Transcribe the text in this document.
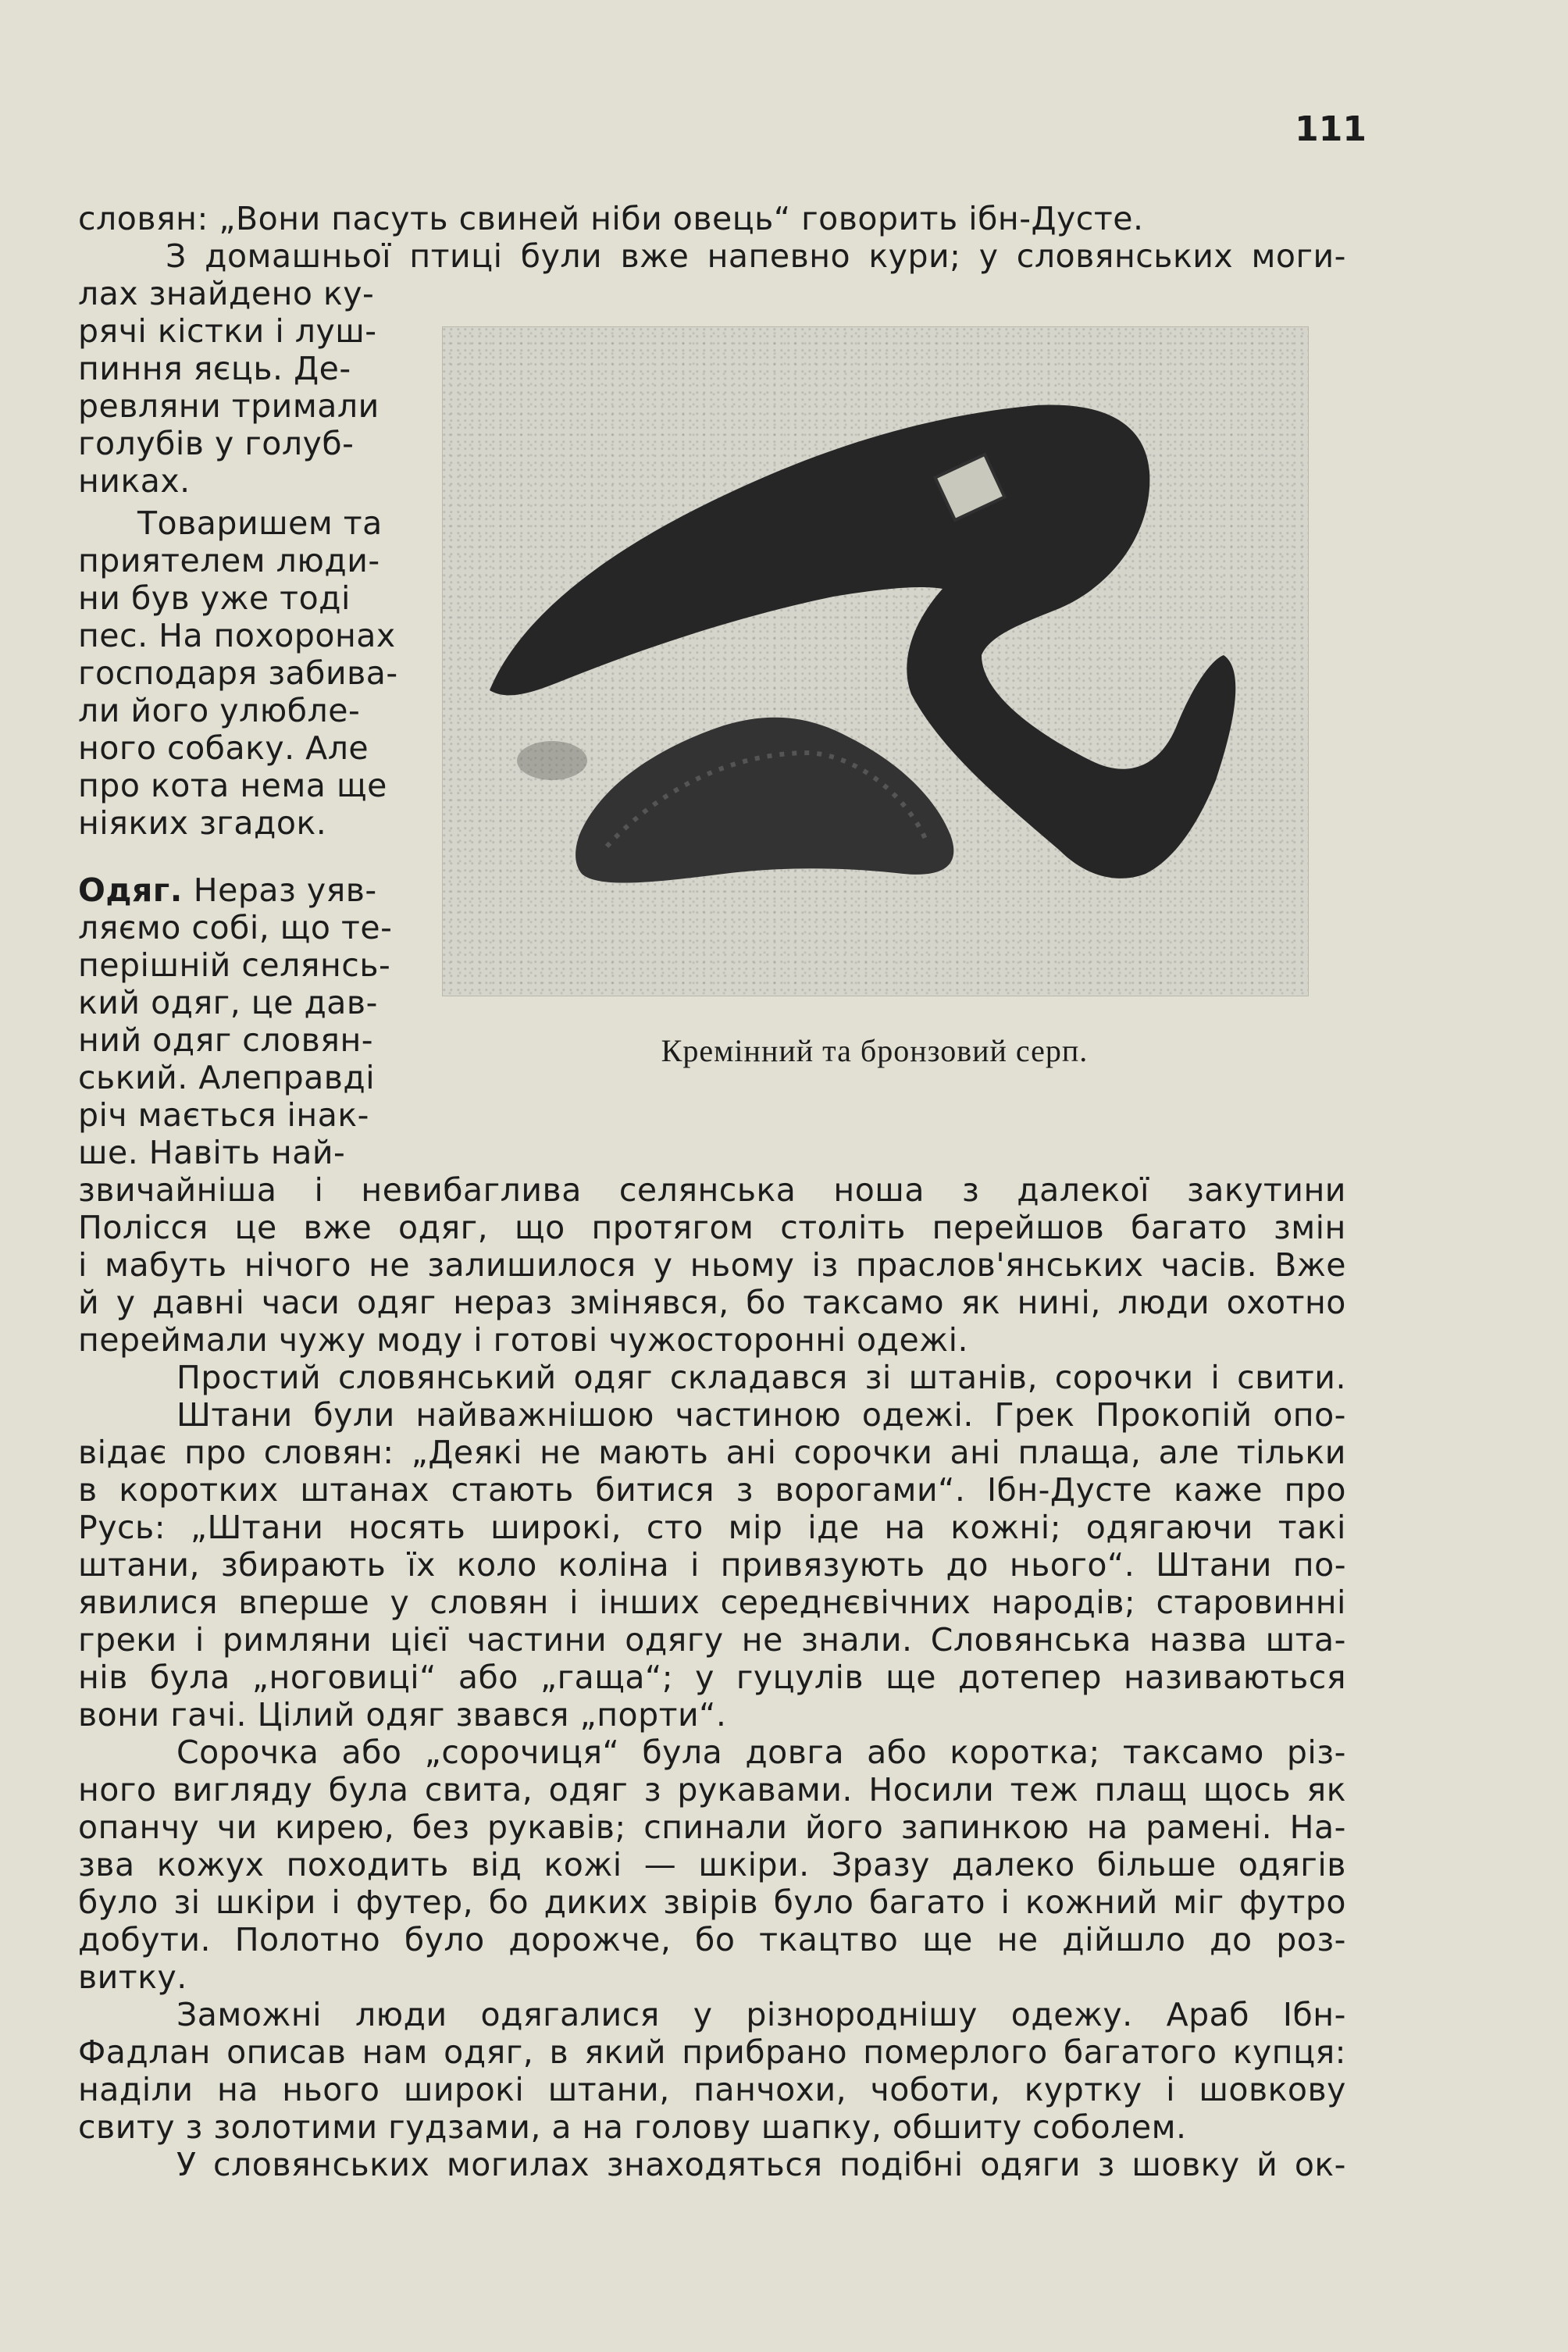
111
Кремінний та бронзовий серп.
словян: „Вони пасуть свиней ніби овець“ говорить ібн-Дусте.
З домашньої птиці були вже напевно кури; у словянських моги-
лах знайдено ку-
рячі кістки і луш-
пиння яєць. Де-
ревляни тримали
голубів у голуб-
никах.
Товаришем та
приятелем люди-
ни був уже тоді
пес. На похоронах
господаря забива-
ли його улюбле-
ного собаку. Але
про кота нема ще
ніяких згадок.
Одяг. Нераз уяв-
ляємо собі, що те-
перішній селянсь-
кий одяг, це дав-
ний одяг словян-
ський. Алеправді
річ мається інак-
ше. Навіть най-
звичайніша і невибаглива селянська ноша з далекої закутини
Полісся це вже одяг, що протягом століть перейшов багато змін
і мабуть нічого не залишилося у ньому із праслов'янських часів. Вже
й у давні часи одяг нераз змінявся, бо таксамо як нині, люди охотно
переймали чужу моду і готові чужосторонні одежі.
Простий словянський одяг складався зі штанів, сорочки і свити.
Штани були найважнішою частиною одежі. Грек Прокопій опо-
відає про словян: „Деякі не мають ані сорочки ані плаща, але тільки
в коротких штанах стають битися з ворогами“. Ібн-Дусте каже про
Русь: „Штани носять широкі, сто мір іде на кожні; одягаючи такі
штани, збирають їх коло коліна і привязують до нього“. Штани по-
явилися вперше у словян і інших середнєвічних народів; старовинні
греки і римляни цієї частини одягу не знали. Словянська назва шта-
нів була „ноговиці“ або „гаща“; у гуцулів ще дотепер називаються
вони гачі. Цілий одяг звався „порти“.
Сорочка або „сорочиця“ була довга або коротка; таксамо різ-
ного вигляду була свита, одяг з рукавами. Носили теж плащ щось як
опанчу чи кирею, без рукавів; спинали його запинкою на рамені. На-
зва кожух походить від кожі — шкіри. Зразу далеко більше одягів
було зі шкіри і футер, бо диких звірів було багато і кожний міг футро
добути. Полотно було дорожче, бо ткацтво ще не дійшло до роз-
витку.
Заможні люди одягалися у різнороднішу одежу. Араб Ібн-
Фадлан описав нам одяг, в який прибрано померлого багатого купця:
наділи на нього широкі штани, панчохи, чоботи, куртку і шовкову
свиту з золотими гудзами, а на голову шапку, обшиту соболем.
У словянських могилах знаходяться подібні одяги з шовку й ок-
